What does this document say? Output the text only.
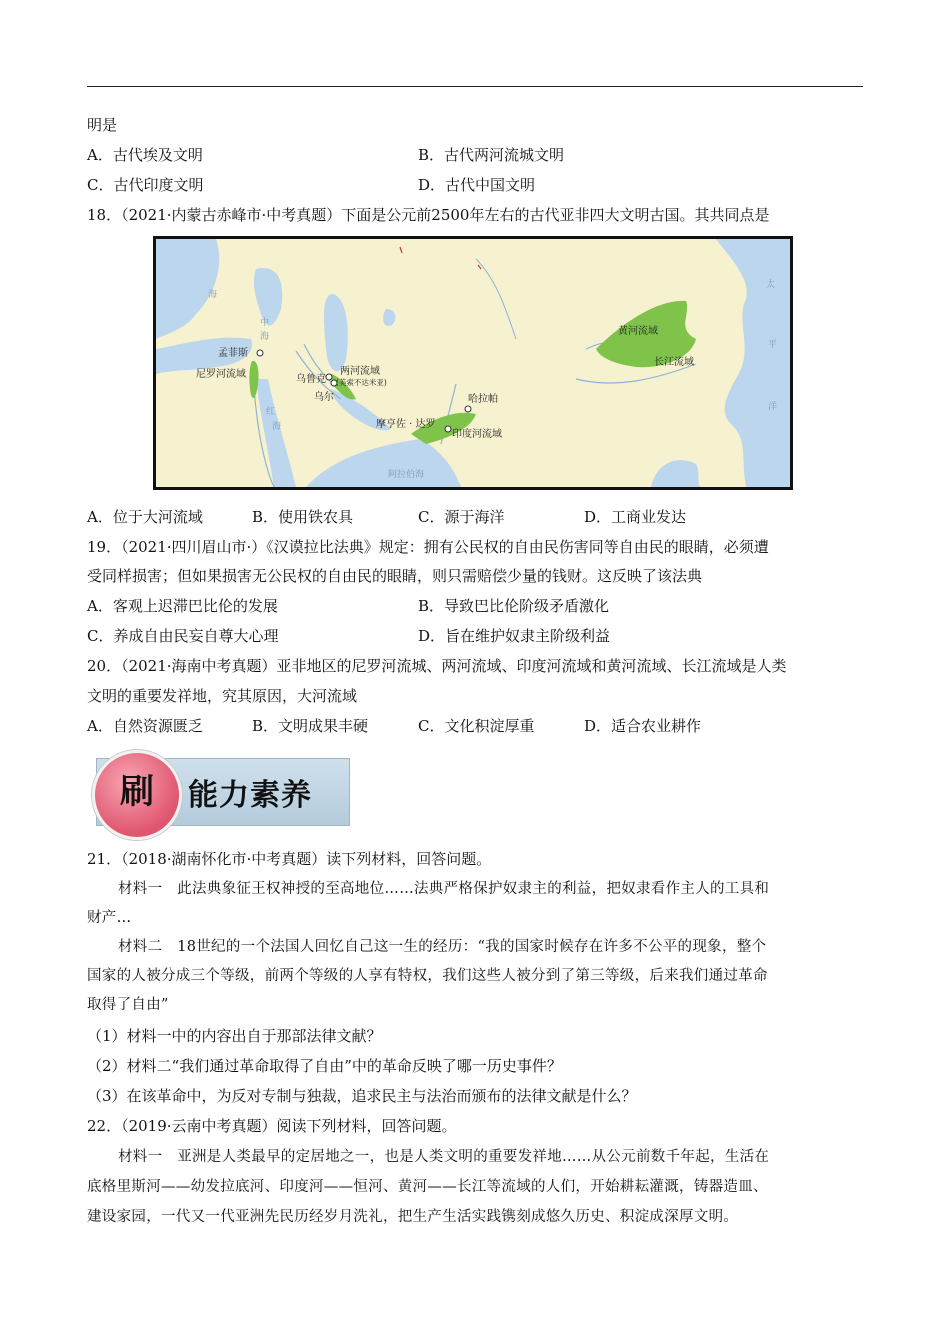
明是
A．古代埃及文明	B．古代两河流城文明
C．古代印度文明	D．古代中国文明
18．（2021·内蒙古赤峰市·中考真题）下面是公元前2500年左右的古代亚非四大文明古国。其共同点是
孟菲斯
尼罗河流域	乌鲁克
乌尔
两河流域
(美索不达米亚)
哈拉帕
摩亨佐 · 达罗
印度河流域
黄河流域
长江流域
海
中
海
红
海
阿拉伯海
太
平
洋
A．位于大河流域	B．使用铁农具	C．源于海洋	D．工商业发达
19．（2021·四川眉山市·）《汉谟拉比法典》规定：拥有公民权的自由民伤害同等自由民的眼睛，必须遭
受同样损害；但如果损害无公民权的自由民的眼睛，则只需赔偿少量的钱财。这反映了该法典
A．客观上迟滞巴比伦的发展	B．导致巴比伦阶级矛盾激化
C．养成自由民妄自尊大心理	D．旨在维护奴隶主阶级利益
20．（2021·海南中考真题）亚非地区的尼罗河流城、两河流域、印度河流域和黄河流域、长江流域是人类
文明的重要发祥地，究其原因，大河流域
A．自然资源匮乏	B．文明成果丰硬	C．文化积淀厚重	D．适合农业耕作
刷	能力素养
21．（2018·湖南怀化市·中考真题）读下列材料，回答问题。
材料一　此法典象征王权神授的至高地位……法典严格保护奴隶主的利益，把奴隶看作主人的工具和
财产…
材料二　18世纪的一个法国人回忆自己这一生的经历：“我的国家时候存在许多不公平的现象，整个
国家的人被分成三个等级，前两个等级的人享有特权，我们这些人被分到了第三等级，后来我们通过革命
取得了自由”
（1）材料一中的内容出自于那部法律文献？
（2）材料二“我们通过革命取得了自由”中的革命反映了哪一历史事件？
（3）在该革命中，为反对专制与独裁，追求民主与法治而颁布的法律文献是什么？
22．（2019·云南中考真题）阅读下列材料，回答问题。
材料一　亚洲是人类最早的定居地之一，也是人类文明的重要发祥地……从公元前数千年起，生活在
底格里斯河——幼发拉底河、印度河——恒河、黄河——长江等流域的人们，开始耕耘灌溉，铸器造皿、
建设家园，一代又一代亚洲先民历经岁月洗礼，把生产生活实践镌刻成悠久历史、积淀成深厚文明。
